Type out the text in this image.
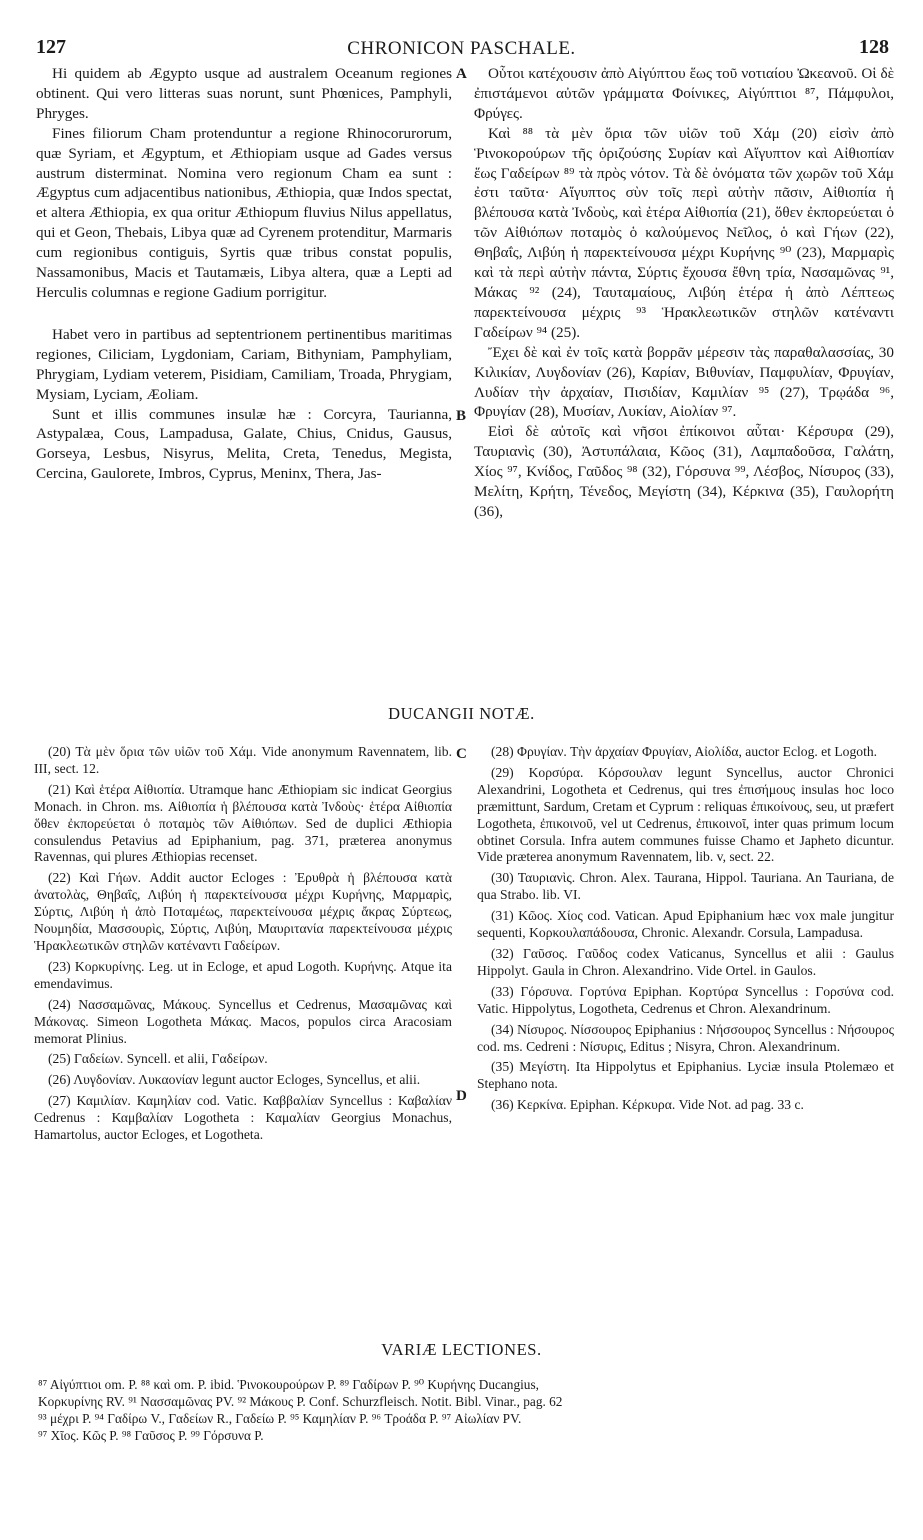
127	CHRONICON PASCHALE.	128
A
B
C
D

Hi quidem ab Ægypto usque ad australem Oceanum regiones obtinent. Qui vero litteras suas norunt, sunt Phœnices, Pamphyli, Phryges.

Fines filiorum Cham protenduntur a regione Rhinocorurorum, quæ Syriam, et Ægyptum, et Æthiopiam usque ad Gades versus austrum disterminat. Nomina vero regionum Cham ea sunt : Ægyptus cum adjacentibus nationibus, Æthiopia, quæ Indos spectat, et altera Æthiopia, ex qua oritur Æthiopum fluvius Nilus appellatus, qui et Geon, Thebais, Libya quæ ad Cyrenem protenditur, Marmaris cum regionibus contiguis, Syrtis quæ tribus constat populis, Nassamonibus, Macis et Tautamæis, Libya altera, quæ a Lepti ad Herculis columnas e regione Gadium porrigitur.

Habet vero in partibus ad septentrionem pertinentibus maritimas regiones, Ciliciam, Lygdoniam, Cariam, Bithyniam, Pamphyliam, Phrygiam, Lydiam veterem, Pisidiam, Camiliam, Troada, Phrygiam, Mysiam, Lyciam, Æoliam.

Sunt et illis communes insulæ hæ : Corcyra, Taurianna, Astypalæa, Cous, Lampadusa, Galate, Chius, Cnidus, Gausus, Gorseya, Lesbus, Nisyrus, Melita, Creta, Tenedus, Megista, Cercina, Gaulorete, Imbros, Cyprus, Meninx, Thera, Jas-

Οὗτοι κατέχουσιν ἀπὸ Αἰγύπτου ἕως τοῦ νοτιαίου Ὠκεανοῦ. Οἱ δὲ ἐπιστάμενοι αὐτῶν γράμματα Φοίνικες, Αἰγύπτιοι ⁸⁷, Πάμφυλοι, Φρύγες.

Καὶ ⁸⁸ τὰ μὲν ὅρια τῶν υἱῶν τοῦ Χάμ (20) εἰσὶν ἀπὸ Ῥινοκορούρων τῆς ὁριζούσης Συρίαν καὶ Αἴγυπτον καὶ Αἰθιοπίαν ἕως Γαδείρων ⁸⁹ τὰ πρὸς νότον. Τὰ δὲ ὀνόματα τῶν χωρῶν τοῦ Χάμ ἐστι ταῦτα· Αἴγυπτος σὺν τοῖς περὶ αὐτὴν πᾶσιν, Αἰθιοπία ἡ βλέπουσα κατὰ Ἰνδοὺς, καὶ ἑτέρα Αἰθιοπία (21), ὅθεν ἐκπορεύεται ὁ τῶν Αἰθιόπων ποταμὸς ὁ καλούμενος Νεῖλος, ὁ καὶ Γήων (22), Θηβαΐς, Λιβύη ἡ παρεκτείνουσα μέχρι Κυρήνης ⁹⁰ (23), Μαρμαρὶς καὶ τὰ περὶ αὐτὴν πάντα, Σύρτις ἔχουσα ἔθνη τρία, Νασαμῶνας ⁹¹, Μάκας ⁹² (24), Ταυταμαίους, Λιβύη ἑτέρα ἡ ἀπὸ Λέπτεως παρεκτείνουσα μέχρις ⁹³ Ἡρακλεωτικῶν στηλῶν κατέναντι Γαδείρων ⁹⁴ (25).

Ἔχει δὲ καὶ ἐν τοῖς κατὰ βορρᾶν μέρεσιν τὰς παραθαλασσίας, 30 Κιλικίαν, Λυγδονίαν (26), Καρίαν, Βιθυνίαν, Παμφυλίαν, Φρυγίαν, Λυδίαν τὴν ἀρχαίαν, Πισιδίαν, Καμιλίαν ⁹⁵ (27), Τρῳάδα ⁹⁶, Φρυγίαν (28), Μυσίαν, Λυκίαν, Αἰολίαν ⁹⁷.

Εἰσὶ δὲ αὐτοῖς καὶ νῆσοι ἐπίκοινοι αὗται· Κέρσυρα (29), Ταυριανὶς (30), Ἀστυπάλαια, Κῶος (31), Λαμπαδοῦσα, Γαλάτη, Χίος ⁹⁷, Κνίδος, Γαῦδος ⁹⁸ (32), Γόρσυνα ⁹⁹, Λέσβος, Νίσυρος (33), Μελίτη, Κρήτη, Τένεδος, Μεγίστη (34), Κέρκινα (35), Γαυλορήτη (36),

DUCANGII NOTÆ.

(20) Τὰ μὲν ὅρια τῶν υἱῶν τοῦ Χάμ. Vide anonymum Ravennatem, lib. III, sect. 12.

(21) Καὶ ἑτέρα Αἰθιοπία. Utramque hanc Æthiopiam sic indicat Georgius Monach. in Chron. ms. Αἰθιοπία ἡ βλέπουσα κατὰ Ἰνδοὺς· ἑτέρα Αἰθιοπία ὅθεν ἐκπορεύεται ὁ ποταμὸς τῶν Αἰθιόπων. Sed de duplici Æthiopia consulendus Petavius ad Epiphanium, pag. 371, præterea anonymus Ravennas, qui plures Æthiopias recenset.

(22) Καὶ Γήων. Addit auctor Ecloges : Ἐρυθρὰ ἡ βλέπουσα κατὰ ἀνατολὰς, Θηβαΐς, Λιβύη ἡ παρεκτείνουσα μέχρι Κυρήνης, Μαρμαρὶς, Σύρτις, Λιβύη ἡ ἀπὸ Ποταμέως, παρεκτείνουσα μέχρις ἄκρας Σύρτεως, Νουμηδία, Μασσουρὶς, Σύρτις, Λιβύη, Μαυριτανία παρεκτείνουσα μέχρις Ἡρακλεωτικῶν στηλῶν κατέναντι Γαδείρων.

(23) Κορκυρίνης. Leg. ut in Ecloge, et apud Logoth. Κυρήνης. Atque ita emendavimus.

(24) Νασσαμῶνας, Μάκους. Syncellus et Cedrenus, Μασαμῶνας καὶ Μάκονας. Simeon Logotheta Μάκας. Macos, populos circa Aracosiam memorat Plinius.

(25) Γαδείων. Syncell. et alii, Γαδείρων.

(26) Λυγδονίαν. Λυκαονίαν legunt auctor Ecloges, Syncellus, et alii.

(27) Καμιλίαν. Καμηλίαν cod. Vatic. Καββαλίαν Syncellus : Καβαλίαν Cedrenus : Καμβαλίαν Logotheta : Καμαλίαν Georgius Monachus, Hamartolus, auctor Ecloges, et Logotheta.

(28) Φρυγίαν. Τὴν ἀρχαίαν Φρυγίαν, Αἰολίδα, auctor Eclog. et Logoth.

(29) Κορσύρα. Κόρσουλαν legunt Syncellus, auctor Chronici Alexandrini, Logotheta et Cedrenus, qui tres ἐπισήμους insulas hoc loco præmittunt, Sardum, Cretam et Cyprum : reliquas ἐπικοίνους, seu, ut præfert Logotheta, ἐπικοινοῦ, vel ut Cedrenus, ἐπικοινοῖ, inter quas primum locum obtinet Corsula. Infra autem communes fuisse Chamo et Japheto dicuntur. Vide præterea anonymum Ravennatem, lib. v, sect. 22.

(30) Ταυριανὶς. Chron. Alex. Taurana, Hippol. Tauriana. An Tauriana, de qua Strabo. lib. VI.

(31) Κῶος. Χίος cod. Vatican. Apud Epiphanium hæc vox male jungitur sequenti, Κορκουλαπάδουσα, Chronic. Alexandr. Corsula, Lampadusa.

(32) Γαῦσος. Γαῦδος codex Vaticanus, Syncellus et alii : Gaulus Hippolyt. Gaula in Chron. Alexandrino. Vide Ortel. in Gaulos.

(33) Γόρσυνα. Γορτύνα Epiphan. Κορτύρα Syncellus : Γορσύνα cod. Vatic. Hippolytus, Logotheta, Cedrenus et Chron. Alexandrinum.

(34) Νίσυρος. Νίσσουρος Epiphanius : Νήσσουρος Syncellus : Νήσουρος cod. ms. Cedreni : Νίσυρις, Editus ; Nisyra, Chron. Alexandrinum.

(35) Μεγίστη. Ita Hippolytus et Epiphanius. Lyciæ insula Ptolemæo et Stephano nota.

(36) Κερκίνα. Epiphan. Κέρκυρα. Vide Not. ad pag. 33 c.

VARIÆ LECTIONES.
⁸⁷ Αἰγύπτιοι om. P. ⁸⁸ καὶ om. P. ibid. Ῥινοκουρούρων P. ⁸⁹ Γαδίρων P. ⁹⁰ Κυρήνης Ducangius,
Κορκυρίνης RV. ⁹¹ Νασσαμῶνας PV. ⁹² Μάκους P. Conf. Schurzfleisch. Notit. Bibl. Vinar., pag. 62
⁹³ μέχρι P. ⁹⁴ Γαδίρω V., Γαδείων R., Γαδείω P. ⁹⁵ Καμηλίαν P. ⁹⁶ Τροάδα P. ⁹⁷ Αἰωλίαν PV.
⁹⁷ Χῖος. Κῶς P. ⁹⁸ Γαῦσος P. ⁹⁹ Γόρσυνα P.
